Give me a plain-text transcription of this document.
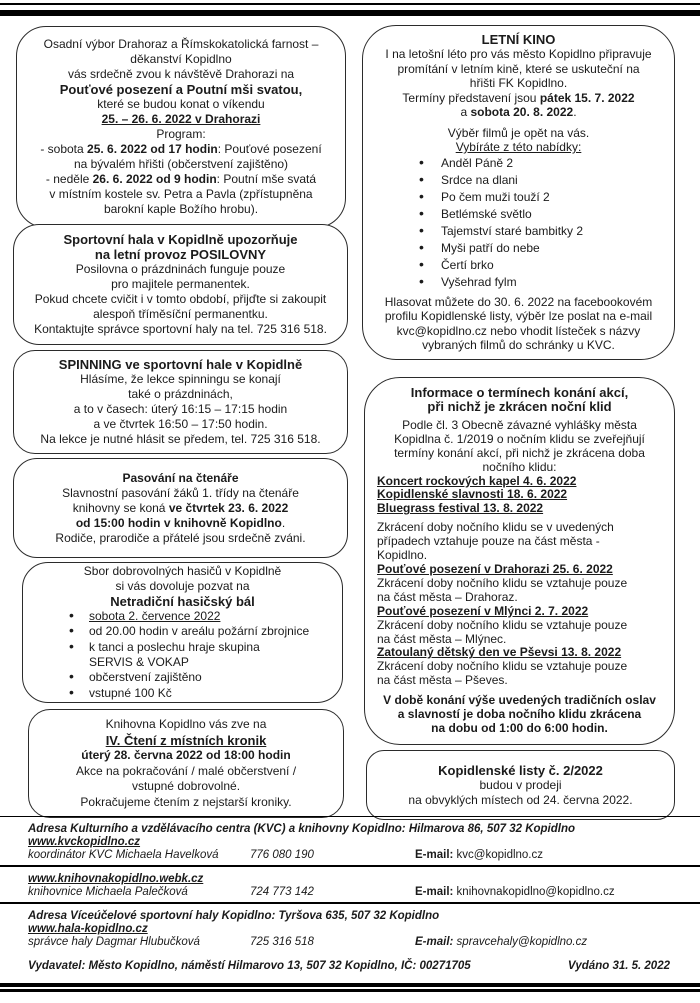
Osadní výbor Drahoraz a Římskokatolická farnost –
děkanství Kopidlno
vás srdečně zvou k návštěvě Drahorazi na
Pouťové posezení a Poutní mši svatou,
které se budou konat o víkendu
25. – 26. 6. 2022 v Drahorazi
Program:
- sobota 25. 6. 2022 od 17 hodin: Pouťové posezení
na bývalém hřišti (občerstvení zajištěno)
- neděle 26. 6. 2022 od 9 hodin: Poutní mše svatá
v místním kostele sv. Petra a Pavla (zpřístupněna
barokní kaple Božího hrobu).
Sportovní hala v Kopidlně upozorňuje
na letní provoz POSILOVNY
Posilovna o prázdninách funguje pouze
pro majitele permanentek.
Pokud chcete cvičit i v tomto období, přijďte si zakoupit
alespoň tříměsíční permanentku.
Kontaktujte správce sportovní haly na tel. 725 316 518.
SPINNING ve sportovní hale v Kopidlně
Hlásíme, že lekce spinningu se konají
také o prázdninách,
a to v časech: úterý 16:15 – 17:15 hodin
a ve čtvrtek 16:50 – 17:50 hodin.
Na lekce je nutné hlásit se předem, tel. 725 316 518.
Pasování na čtenáře
Slavnostní pasování žáků 1. třídy na čtenáře
knihovny se koná ve čtvrtek 23. 6. 2022
od 15:00 hodin v knihovně Kopidlno.
Rodiče, prarodiče a přátelé jsou srdečně zváni.
Sbor dobrovolných hasičů v Kopidlně
si vás dovoluje pozvat na
Netradiční hasičský bál
• sobota 2. července 2022
• od 20.00 hodin v areálu požární zbrojnice
• k tanci a poslechu hraje skupina
SERVIS & VOKAP
• občerstvení zajištěno
• vstupné 100 Kč
Knihovna Kopidlno vás zve na
IV. Čtení z místních kronik
úterý 28. června 2022 od 18:00 hodin
Akce na pokračování / malé občerstvení /
vstupné dobrovolné.
Pokračujeme čtením z nejstarší kroniky.
LETNÍ KINO
I na letošní léto pro vás město Kopidlno připravuje
promítání v letním kině, které se uskuteční na
hřišti FK Kopidlno.
Termíny představení jsou pátek 15. 7. 2022
a sobota 20. 8. 2022.
Výběr filmů je opět na vás.
Vybíráte z této nabídky:
• Anděl Páně 2
• Srdce na dlani
• Po čem muži touží 2
• Betlémské světlo
• Tajemství staré bambitky 2
• Myši patří do nebe
• Čertí brko
• Vyšehrad fylm
Hlasovat můžete do 30. 6. 2022 na facebookovém
profilu Kopidlenské listy, výběr lze poslat na e-mail
kvc@kopidlno.cz nebo vhodit lísteček s názvy
vybraných filmů do schránky u KVC.
Informace o termínech konání akcí,
při nichž je zkrácen noční klid
Podle čl. 3 Obecně závazné vyhlášky města
Kopidlna č. 1/2019 o nočním klidu se zveřejňují
termíny konání akcí, při nichž je zkrácena doba
nočního klidu:
Koncert rockových kapel 4. 6. 2022
Kopidlenské slavnosti 18. 6. 2022
Bluegrass festival 13. 8. 2022
Zkrácení doby nočního klidu se v uvedených
případech vztahuje pouze na část města -
Kopidlno.
Pouťové posezení v Drahorazi 25. 6. 2022
Zkrácení doby nočního klidu se vztahuje pouze
na část města – Drahoraz.
Pouťové posezení v Mlýnci 2. 7. 2022
Zkrácení doby nočního klidu se vztahuje pouze
na část města – Mlýnec.
Zatoulaný dětský den ve Pševsi 13. 8. 2022
Zkrácení doby nočního klidu se vztahuje pouze
na část města – Pševes.
V době konání výše uvedených tradičních oslav
a slavností je doba nočního klidu zkrácena
na dobu od 1:00 do 6:00 hodin.
Kopidlenské listy č. 2/2022
budou v prodeji
na obvyklých místech od 24. června 2022.
Adresa Kulturního a vzdělávacího centra (KVC) a knihovny Kopidlno: Hilmarova 86, 507 32 Kopidlno
www.kvckopidlno.cz
koordinátor KVC Michaela Havelková	776 080 190	E-mail: kvc@kopidlno.cz
www.knihovnakopidlno.webk.cz
knihovnice Michaela Palečková	724 773 142	E-mail: knihovnakopidlno@kopidlno.cz
Adresa Víceúčelové sportovní haly Kopidlno: Tyršova 635, 507 32 Kopidlno
www.hala-kopidlno.cz
správce haly Dagmar Hlubučková	725 316 518	E-mail: spravcehaly@kopidlno.cz
Vydavatel: Město Kopidlno, náměstí Hilmarovo 13, 507 32 Kopidlno, IČ: 00271705	Vydáno 31. 5. 2022
